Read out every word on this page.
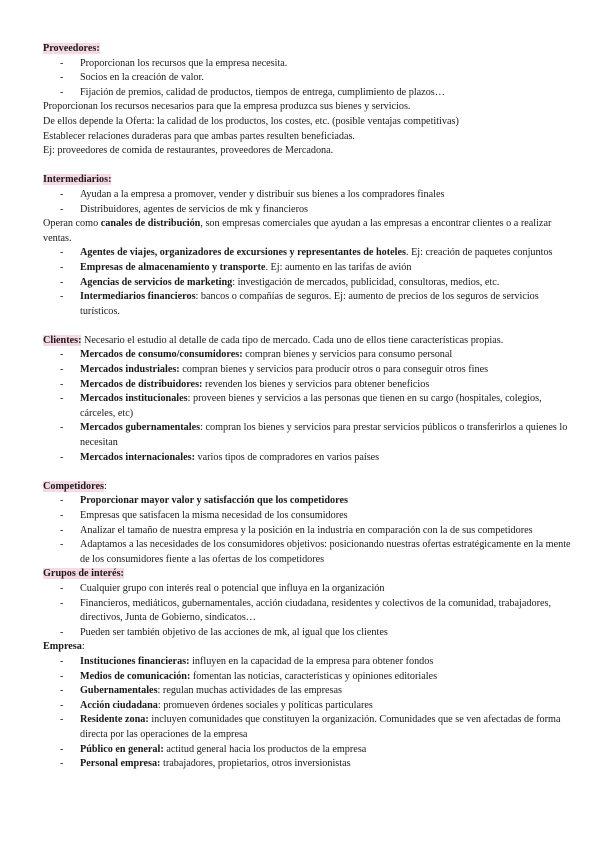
Proveedores:
- Proporcionan los recursos que la empresa necesita.
- Socios en la creación de valor.
- Fijación de premios, calidad de productos, tiempos de entrega, cumplimiento de plazos…
Proporcionan los recursos necesarios para que la empresa produzca sus bienes y servicios.
De ellos depende la Oferta: la calidad de los productos, los costes, etc. (posible ventajas competitivas)
Establecer relaciones duraderas para que ambas partes resulten beneficiadas.
Ej: proveedores de comida de restaurantes, proveedores de Mercadona.
Intermediarios:
- Ayudan a la empresa a promover, vender y distribuir sus bienes a los compradores finales
- Distribuidores, agentes de servicios de mk y financieros
Operan como canales de distribución, son empresas comerciales que ayudan a las empresas a encontrar clientes o a realizar ventas.
- Agentes de viajes, organizadores de excursiones y representantes de hoteles. Ej: creación de paquetes conjuntos
- Empresas de almacenamiento y transporte. Ej: aumento en las tarifas de avión
- Agencias de servicios de marketing: investigación de mercados, publicidad, consultoras, medios, etc.
- Intermediarios financieros: bancos o compañías de seguros. Ej: aumento de precios de los seguros de servicios turísticos.
Clientes: Necesario el estudio al detalle de cada tipo de mercado. Cada uno de ellos tiene características propias.
- Mercados de consumo/consumidores: compran bienes y servicios para consumo personal
- Mercados industriales: compran bienes y servicios para producir otros o para conseguir otros fines
- Mercados de distribuidores: revenden los bienes y servicios para obtener beneficios
- Mercados institucionales: proveen bienes y servicios a las personas que tienen en su cargo (hospitales, colegios, cárceles, etc)
- Mercados gubernamentales: compran los bienes y servicios para prestar servicios públicos o transferirlos a quienes lo necesitan
- Mercados internacionales: varios tipos de compradores en varios países
Competidores:
- Proporcionar mayor valor y satisfacción que los competidores
- Empresas que satisfacen la misma necesidad de los consumidores
- Analizar el tamaño de nuestra empresa y la posición en la industria en comparación con la de sus competidores
- Adaptamos a las necesidades de los consumidores objetivos: posicionando nuestras ofertas estratégicamente en la mente de los consumidores fiente a las ofertas de los competidores
Grupos de interés:
- Cualquier grupo con interés real o potencial que influya en la organización
- Financieros, mediáticos, gubernamentales, acción ciudadana, residentes y colectivos de la comunidad, trabajadores, directivos, Junta de Gobierno, sindicatos…
- Pueden ser también objetivo de las acciones de mk, al igual que los clientes
Empresa:
- Instituciones financieras: influyen en la capacidad de la empresa para obtener fondos
- Medios de comunicación: fomentan las noticias, características y opiniones editoriales
- Gubernamentales: regulan muchas actividades de las empresas
- Acción ciudadana: promueven órdenes sociales y políticas particulares
- Residente zona: incluyen comunidades que constituyen la organización. Comunidades que se ven afectadas de forma directa por las operaciones de la empresa
- Público en general: actitud general hacia los productos de la empresa
- Personal empresa: trabajadores, propietarios, otros inversionistas
